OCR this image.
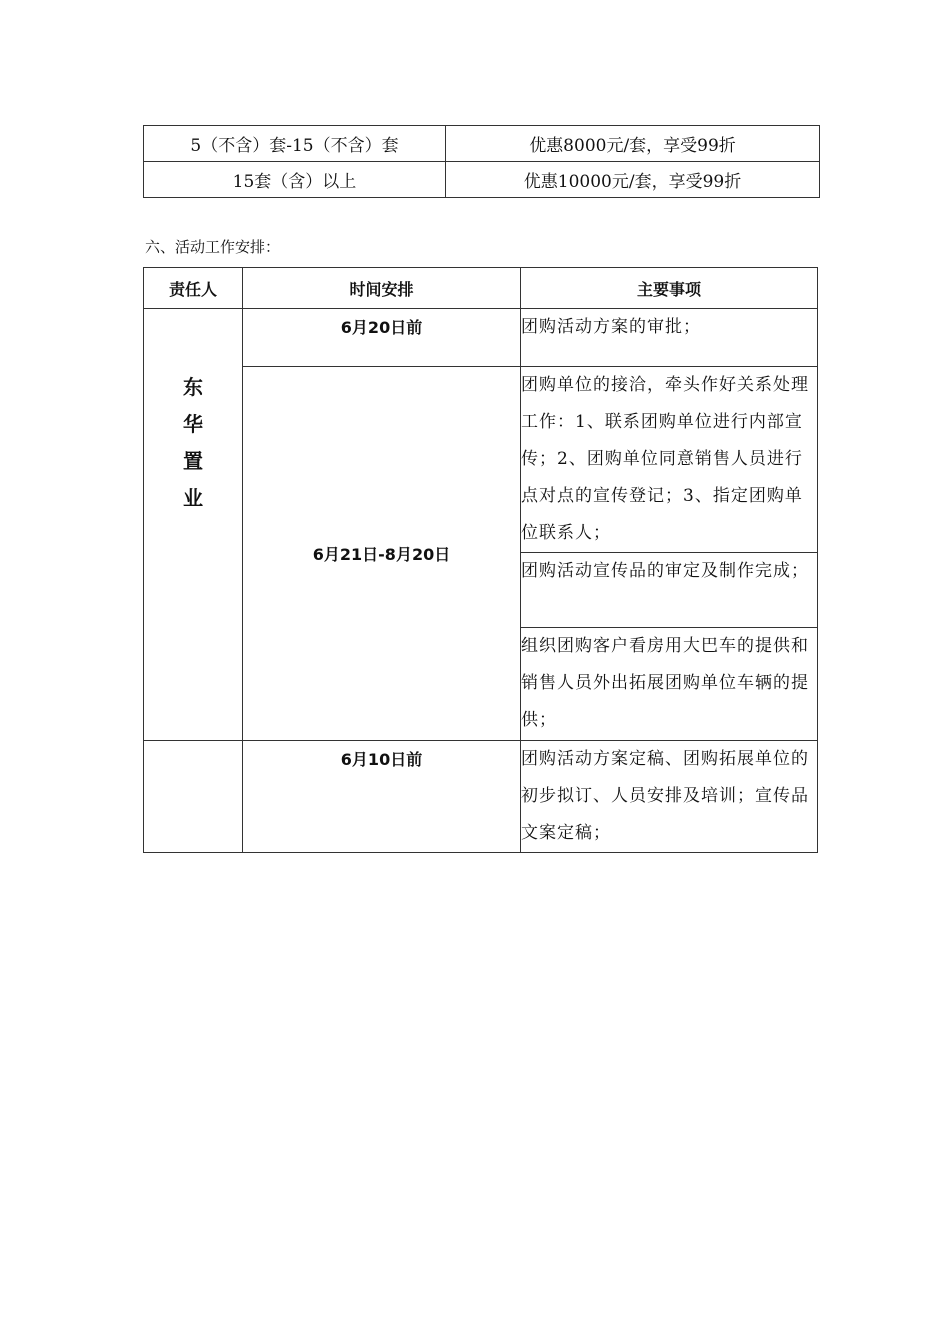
5（不含）套-15（不含）套	优惠8000元/套，享受99折
15套（含）以上	优惠10000元/套，享受99折
六、活动工作安排：
责任人	时间安排	主要事项

东华置业	6月20日前	团购活动方案的审批；
	6月21日-8月20日	团购单位的接洽，牵头作好关系处理工作：1、联系团购单位进行内部宣传；2、团购单位同意销售人员进行点对点的宣传登记；3、指定团购单位联系人；
		团购活动宣传品的审定及制作完成；
		组织团购客户看房用大巴车的提供和销售人员外出拓展团购单位车辆的提供；
	6月10日前	团购活动方案定稿、团购拓展单位的初步拟订、人员安排及培训；宣传品文案定稿；
